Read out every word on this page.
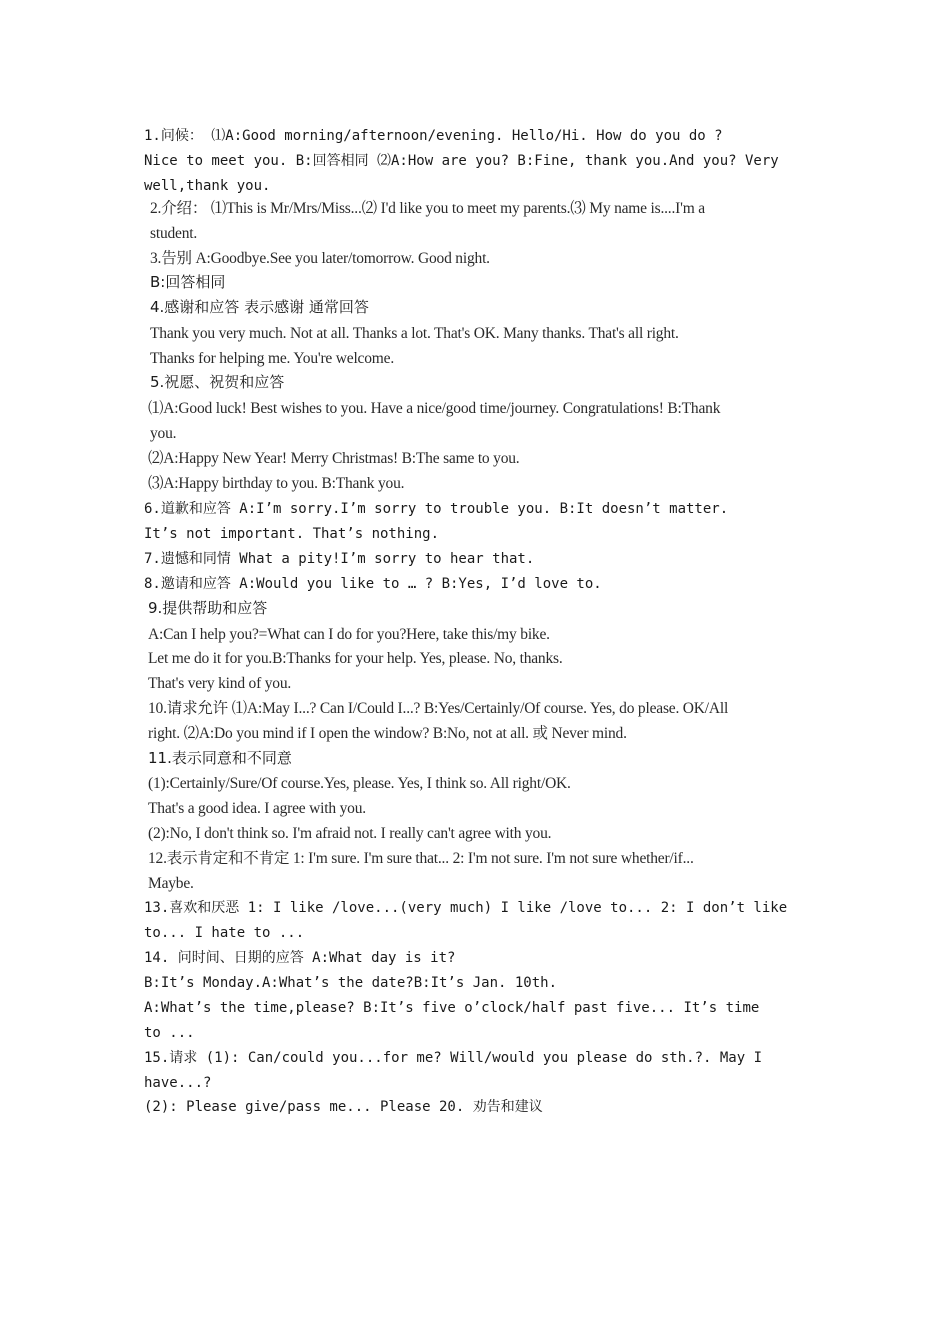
1.问候： ⑴A:Good morning/afternoon/evening. Hello/Hi. How do you do ?
Nice to meet you. B:回答相同 ⑵A:How are you? B:Fine, thank you.And you? Very
well,thank you.
2.介绍： ⑴This is Mr/Mrs/Miss...⑵ I'd like you to meet my parents.⑶ My name is....I'm a
student.
3.告别 A:Goodbye.See you later/tomorrow. Good night.
B:回答相同
4.感谢和应答 表示感谢 通常回答
Thank you very much. Not at all. Thanks a lot. That's OK. Many thanks. That's all right.
Thanks for helping me. You're welcome.
5.祝愿、祝贺和应答
⑴A:Good luck! Best wishes to you. Have a nice/good time/journey. Congratulations! B:Thank
you.
⑵A:Happy New Year! Merry Christmas! B:The same to you.
⑶A:Happy birthday to you. B:Thank you.
6.道歉和应答 A:I’m sorry.I’m sorry to trouble you. B:It doesn’t matter.
It’s not important. That’s nothing.
7.遗憾和同情 What a pity!I’m sorry to hear that.
8.邀请和应答 A:Would you like to … ? B:Yes, I’d love to.
9.提供帮助和应答
A:Can I help you?=What can I do for you?Here, take this/my bike.
Let me do it for you.B:Thanks for your help. Yes, please. No, thanks.
That's very kind of you.
10.请求允许 ⑴A:May I...? Can I/Could I...? B:Yes/Certainly/Of course. Yes, do please. OK/All
right. ⑵A:Do you mind if I open the window? B:No, not at all. 或 Never mind.
11.表示同意和不同意
(1):Certainly/Sure/Of course.Yes, please. Yes, I think so. All right/OK.
That's a good idea. I agree with you.
(2):No, I don't think so. I'm afraid not. I really can't agree with you.
12.表示肯定和不肯定 1: I'm sure. I'm sure that... 2: I'm not sure. I'm not sure whether/if...
Maybe.
13.喜欢和厌恶 1: I like /love...(very much) I like /love to... 2: I don’t like
to... I hate to ...
14. 问时间、日期的应答 A:What day is it?
B:It’s Monday.A:What’s the date?B:It’s Jan. 10th.
A:What’s the time,please? B:It’s five o’clock/half past five... It’s time
to ...
15.请求 (1): Can/could you...for me? Will/would you please do sth.?. May I
have...?
(2): Please give/pass me... Please 20. 劝告和建议
